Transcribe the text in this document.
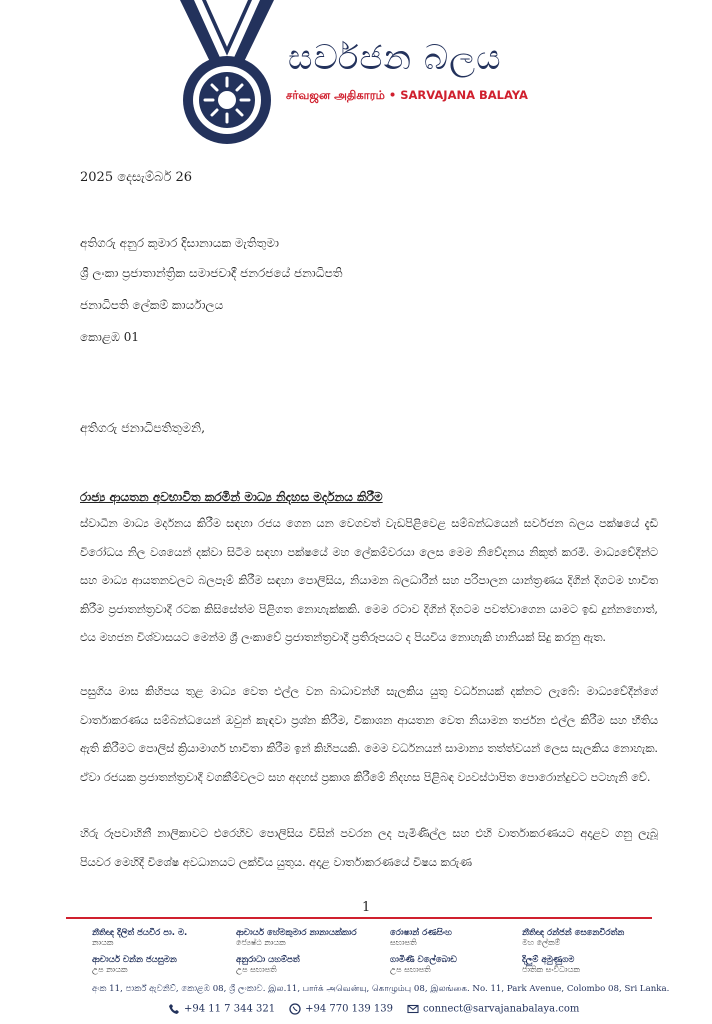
සර්වජන බලය
சர்வஜன அதிகாரம் • SARVAJANA BALAYA
2025 දෙසැම්බර් 26
අතිගරු අනුර කුමාර දිසානායක මැතිතුමා
ශ්‍රී ලංකා ප්‍රජාතාන්ත්‍රික සමාජවාදී ජනරජයේ ජනාධිපති
ජනාධිපති ලේකම් කාර්යාලය
කොළඹ 01
අතිගරු ජනාධිපතිතුමනි,
රාජ්‍ය ආයතන අවභාවිත කරමින් මාධ්‍ය නිදහස මර්දනය කිරීම
ස්වාධීන මාධ්‍ය මර්දනය කිරීම සඳහා රජය ගෙන යන වෙගවත් වැඩපිළිවෙළ සම්බන්ධයෙන් සර්වජන බලය පක්ෂයේ දැඩි විරෝධය නිල වශයෙන් දක්වා සිටීම සඳහා පක්ෂයේ මහ ලේකම්වරයා ලෙස මෙම නිවේදනය නිකුත් කරමි. මාධ්‍යවේදීන්ට සහ මාධ්‍ය ආයතනවලට බලපෑම් කිරීම සඳහා පොලිසිය, නියාමන බලධාරීන් සහ පරිපාලන යාන්ත්‍රණය දිගින් දිගටම භාවිත කිරීම ප්‍රජාතන්ත්‍රවාදී රටක කිසිසේත්ම පිළිගත නොහැක්කකි. මෙම රටාව දිගින් දිගටම පවත්වාගෙන යාමට ඉඩ දුන්නහොත්, එය මහජන විශ්වාසයට මෙන්ම ශ්‍රී ලංකාවේ ප්‍රජාතන්ත්‍රවාදී ප්‍රතිරූපයට ද පියවිය නොහැකි හානියක් සිදු කරනු ඇත.
පසුගිය මාස කිහිපය තුළ මාධ්‍ය වෙත එල්ල වන බාධාවන්හි සැලකිය යුතු වර්ධනයක් දක්නට ලැබේ: මාධ්‍යවේදීන්ගේ වාර්තාකරණය සම්බන්ධයෙන් ඔවුන් කැඳවා ප්‍රශ්න කිරීම, විකාශන ආයතන වෙත නියාමන තර්ජන එල්ල කිරීම සහ භීතිය ඇති කිරීමට පොලිස් ක්‍රියාමාර්ග භාවිතා කිරීම ඉන් කිහිපයකි. මෙම වර්ධනයන් සාමාන්‍ය තත්ත්වයන් ලෙස සැලකිය නොහැක. ඒවා රජයක ප්‍රජාතන්ත්‍රවාදී වගකීම්වලට සහ අදහස් ප්‍රකාශ කිරීමේ නිදහස පිළිබඳ ව්‍යවස්ථාපිත පොරොන්දුවට පටහැනි වේ.
හිරු රූපවාහිනී නාලිකාවට එරෙහිව පොලිසිය විසින් පවරන ලද පැමිණිල්ල සහ එහි වාර්තාකරණයට අදාළව ගනු ලැබූ පියවර මෙහිදී විශේෂ අවධානයට ලක්විය යුතුය. අදාළ වාර්තාකරණයේ විෂය කරුණ
1
නීතිඥ දිලිත් ජයවීර පා. ම.
නායක
ආචාර්ය හේමකුමාර නානායක්කාර
ජ්‍යෙෂ්ඨ නායක
රොෂාන් රණසිංහ
සභාපති
නීතිඥ රන්ජන් සෙනෙවිරත්න
මහ ලේකම්
ආචාර්ය චන්න ජයසුමන
උප නායක
අනුරාධා යහම්පත්
උප සභාපති
ගාමිණී වලේබොඩ
උප සභාපති
දිලුම් අමුණුගම
ජාතික සංවිධායක
අංක 11, පාර්ක් ඇවනිව්, කොළඹ 08, ශ්‍රී ලංකාව. இல.11, பார்க் அவென்யு, கொழும்பு 08, இலங்கை. No. 11, Park Avenue, Colombo 08, Sri Lanka.
+94 11 7 344 321	+94 770 139 139	connect@sarvajanabalaya.com
